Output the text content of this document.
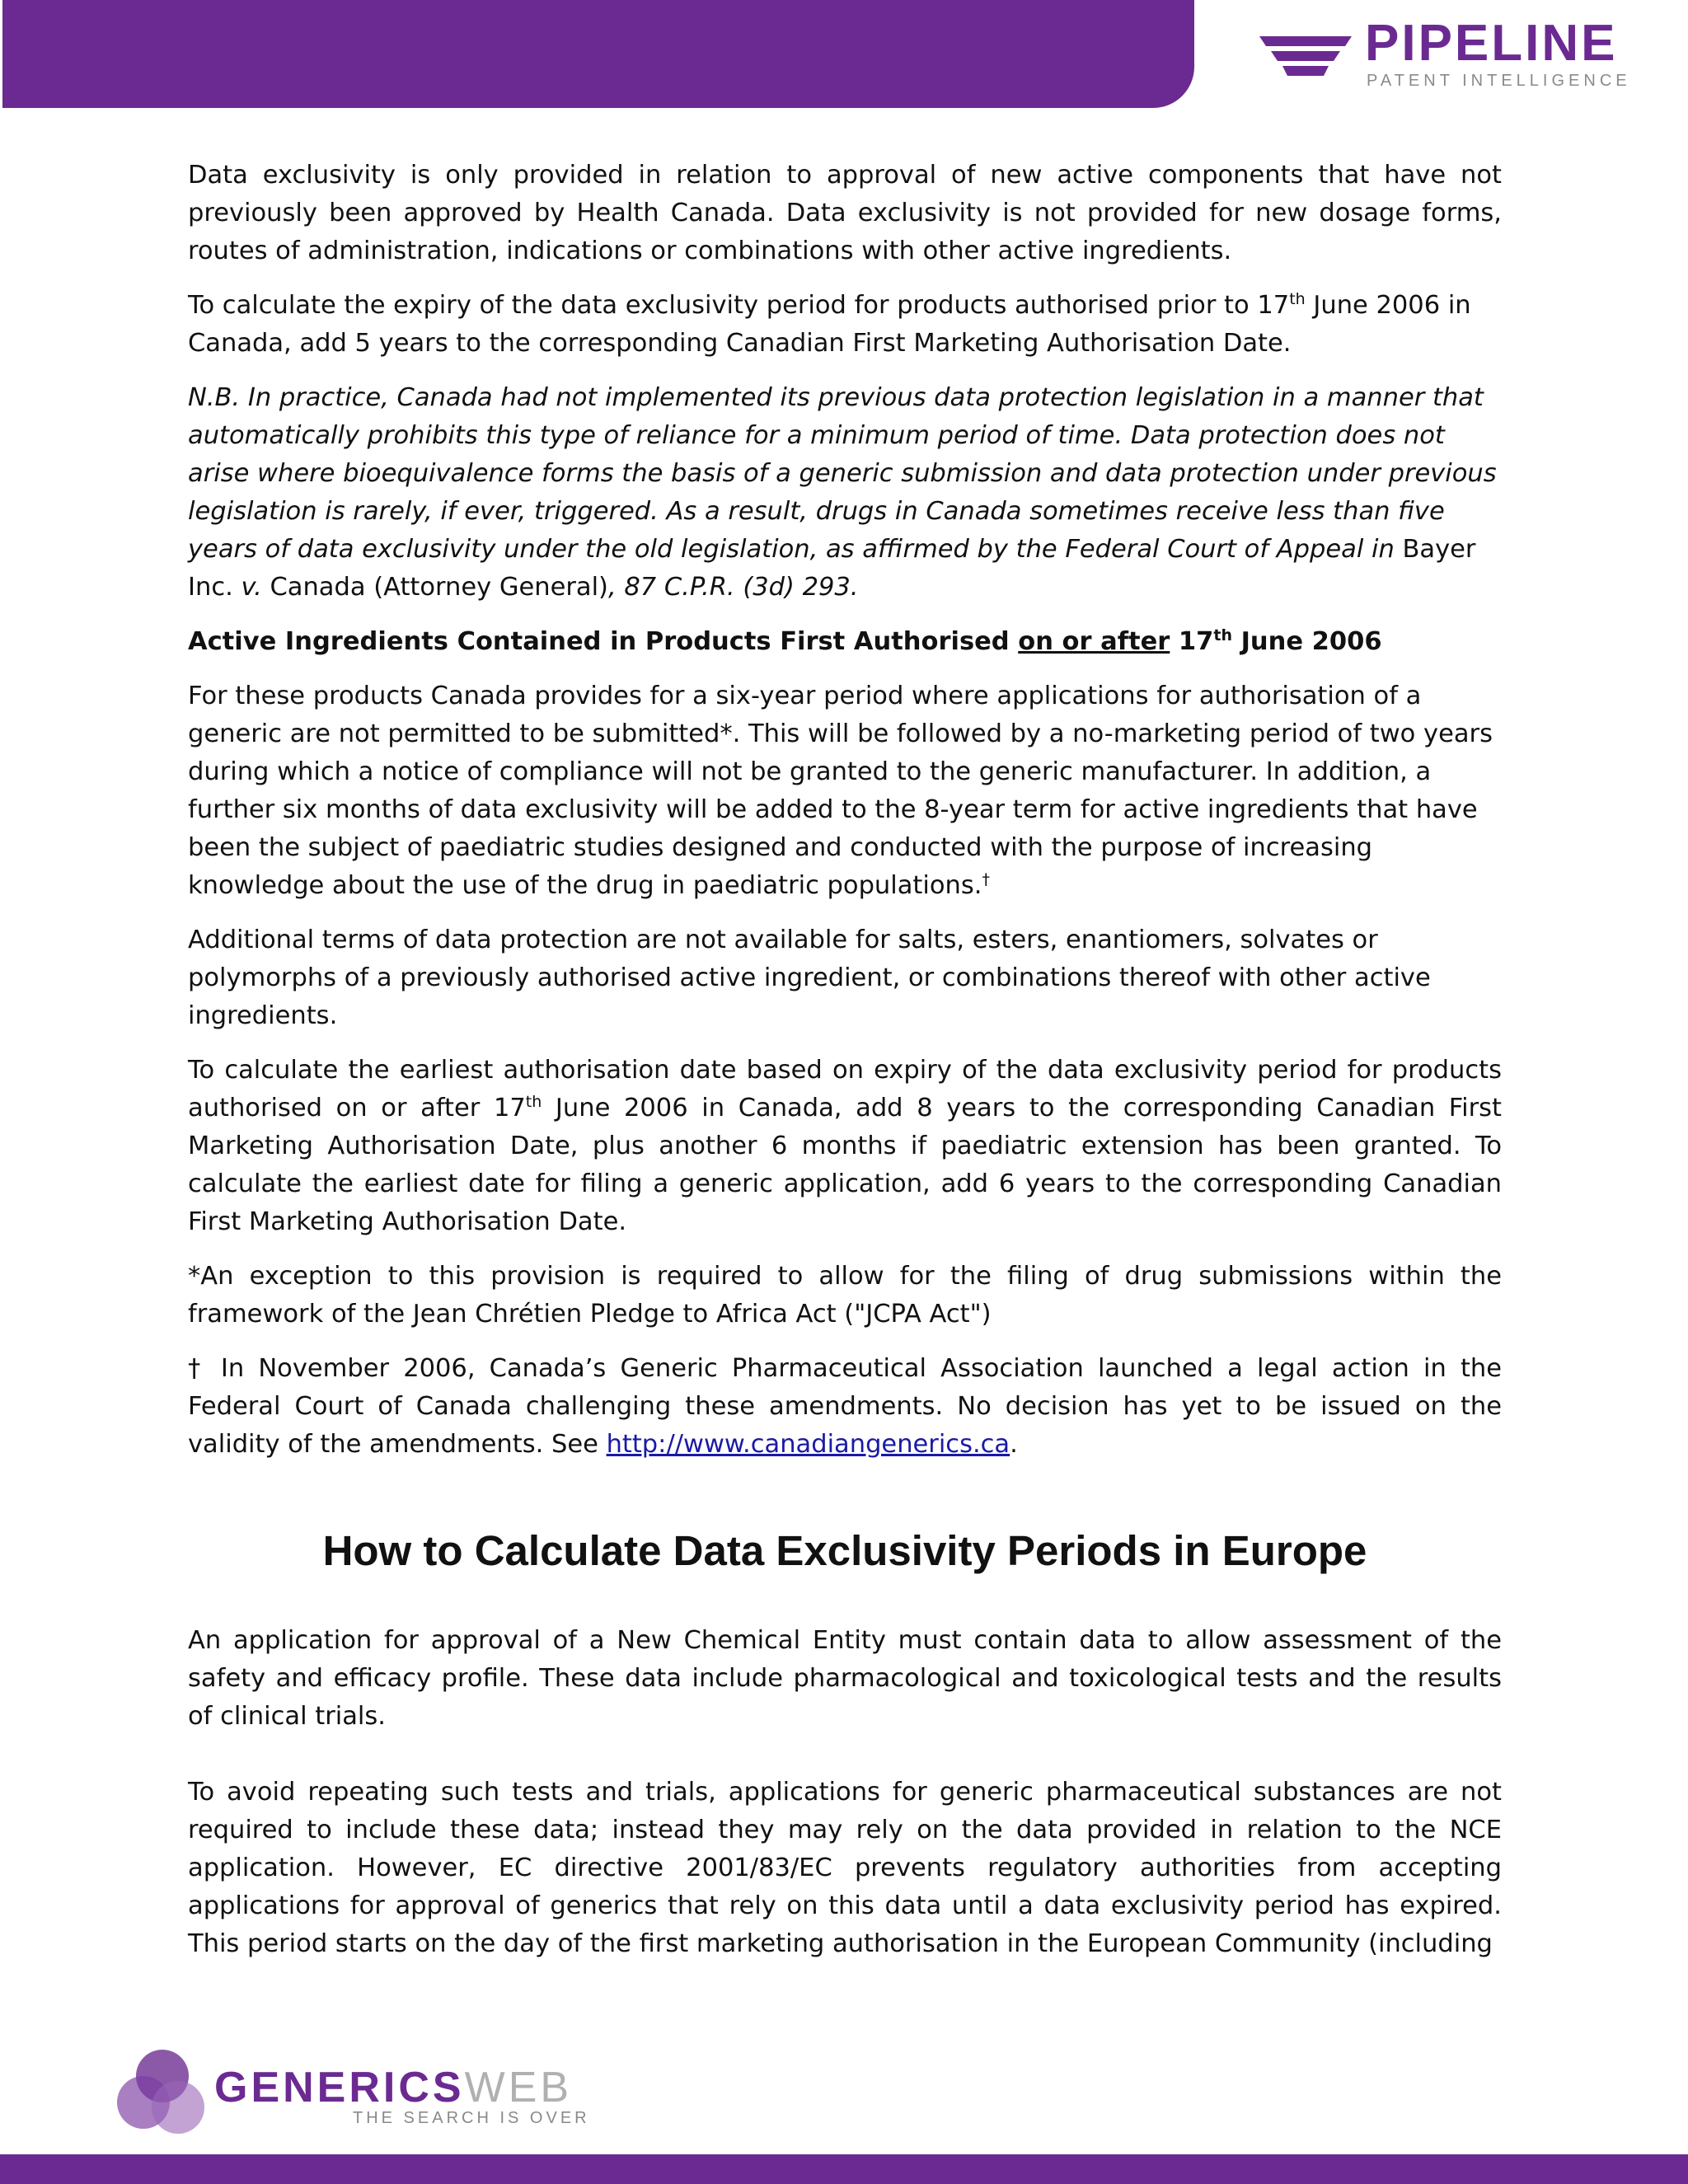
PIPELINE
PATENT INTELLIGENCE

Data exclusivity is only provided in relation to approval of new active components that have not previously been approved by Health Canada. Data exclusivity is not provided for new dosage forms, routes of administration, indications or combinations with other active ingredients.

To calculate the expiry of the data exclusivity period for products authorised prior to 17th June 2006 in Canada, add 5 years to the corresponding Canadian First Marketing Authorisation Date.

N.B. In practice, Canada had not implemented its previous data protection legislation in a manner that automatically prohibits this type of reliance for a minimum period of time. Data protection does not arise where bioequivalence forms the basis of a generic submission and data protection under previous legislation is rarely, if ever, triggered. As a result, drugs in Canada sometimes receive less than five years of data exclusivity under the old legislation, as affirmed by the Federal Court of Appeal in Bayer Inc. v. Canada (Attorney General), 87 C.P.R. (3d) 293.

Active Ingredients Contained in Products First Authorised on or after 17th June 2006

For these products Canada provides for a six-year period where applications for authorisation of a generic are not permitted to be submitted*. This will be followed by a no-marketing period of two years during which a notice of compliance will not be granted to the generic manufacturer. In addition, a further six months of data exclusivity will be added to the 8-year term for active ingredients that have been the subject of paediatric studies designed and conducted with the purpose of increasing knowledge about the use of the drug in paediatric populations.†

Additional terms of data protection are not available for salts, esters, enantiomers, solvates or polymorphs of a previously authorised active ingredient, or combinations thereof with other active ingredients.

To calculate the earliest authorisation date based on expiry of the data exclusivity period for products authorised on or after 17th June 2006 in Canada, add 8 years to the corresponding Canadian First Marketing Authorisation Date, plus another 6 months if paediatric extension has been granted. To calculate the earliest date for filing a generic application, add 6 years to the corresponding Canadian First Marketing Authorisation Date.

*An exception to this provision is required to allow for the filing of drug submissions within the framework of the Jean Chrétien Pledge to Africa Act ("JCPA Act")

† In November 2006, Canada’s Generic Pharmaceutical Association launched a legal action in the Federal Court of Canada challenging these amendments. No decision has yet to be issued on the validity of the amendments. See http://www.canadiangenerics.ca.

How to Calculate Data Exclusivity Periods in Europe

An application for approval of a New Chemical Entity must contain data to allow assessment of the safety and efficacy profile. These data include pharmacological and toxicological tests and the results of clinical trials.

To avoid repeating such tests and trials, applications for generic pharmaceutical substances are not required to include these data; instead they may rely on the data provided in relation to the NCE application. However, EC directive 2001/83/EC prevents regulatory authorities from accepting applications for approval of generics that rely on this data until a data exclusivity period has expired. This period starts on the day of the first marketing authorisation in the European Community (including

GENERICSWEB
THE SEARCH IS OVER
